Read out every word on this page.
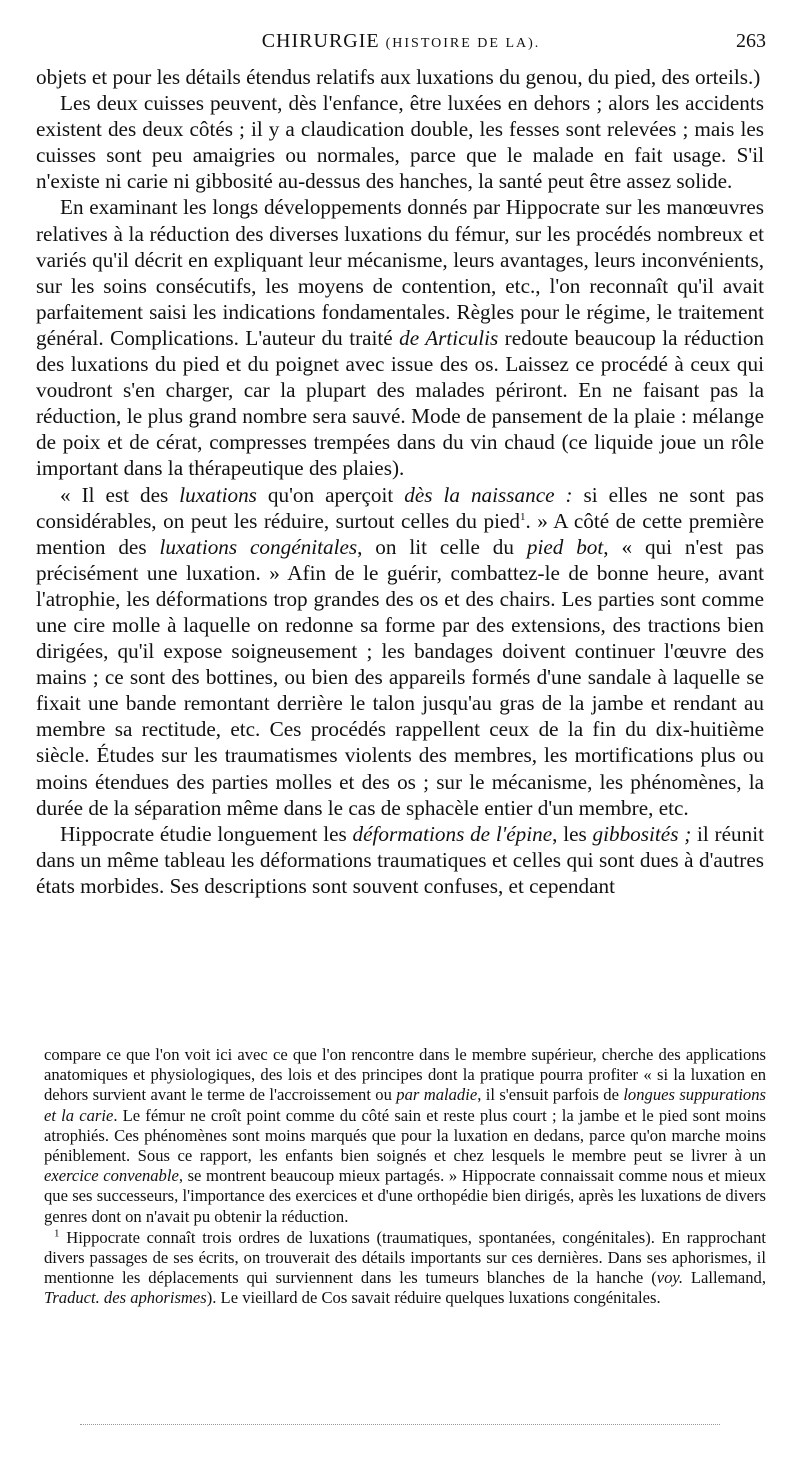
CHIRURGIE (HISTOIRE DE LA).	263

objets et pour les détails étendus relatifs aux luxations du genou, du pied, des orteils.)

Les deux cuisses peuvent, dès l'enfance, être luxées en dehors ; alors les accidents existent des deux côtés ; il y a claudication double, les fesses sont relevées ; mais les cuisses sont peu amaigries ou normales, parce que le malade en fait usage. S'il n'existe ni carie ni gibbosité au-dessus des hanches, la santé peut être assez solide.

En examinant les longs développements donnés par Hippocrate sur les manœuvres relatives à la réduction des diverses luxations du fémur, sur les procédés nombreux et variés qu'il décrit en expliquant leur mécanisme, leurs avantages, leurs inconvénients, sur les soins consécutifs, les moyens de contention, etc., l'on reconnaît qu'il avait parfaitement saisi les indications fondamentales. Règles pour le régime, le traitement général. Complications. L'auteur du traité de Articulis redoute beaucoup la réduction des luxations du pied et du poignet avec issue des os. Laissez ce procédé à ceux qui voudront s'en charger, car la plupart des malades périront. En ne faisant pas la réduction, le plus grand nombre sera sauvé. Mode de pansement de la plaie : mélange de poix et de cérat, compresses trempées dans du vin chaud (ce liquide joue un rôle important dans la thérapeutique des plaies).

« Il est des luxations qu'on aperçoit dès la naissance : si elles ne sont pas considérables, on peut les réduire, surtout celles du pied$^1$. » A côté de cette première mention des luxations congénitales, on lit celle du pied bot, « qui n'est pas précisément une luxation. » Afin de le guérir, combattez-le de bonne heure, avant l'atrophie, les déformations trop grandes des os et des chairs. Les parties sont comme une cire molle à laquelle on redonne sa forme par des extensions, des tractions bien dirigées, qu'il expose soigneusement ; les bandages doivent continuer l'œuvre des mains ; ce sont des bottines, ou bien des appareils formés d'une sandale à laquelle se fixait une bande remontant derrière le talon jusqu'au gras de la jambe et rendant au membre sa rectitude, etc. Ces procédés rappellent ceux de la fin du dix-huitième siècle. Études sur les traumatismes violents des membres, les mortifications plus ou moins étendues des parties molles et des os ; sur le mécanisme, les phénomènes, la durée de la séparation même dans le cas de sphacèle entier d'un membre, etc.

Hippocrate étudie longuement les déformations de l'épine, les gibbosités ; il réunit dans un même tableau les déformations traumatiques et celles qui sont dues à d'autres états morbides. Ses descriptions sont souvent confuses, et cependant

compare ce que l'on voit ici avec ce que l'on rencontre dans le membre supérieur, cherche des applications anatomiques et physiologiques, des lois et des principes dont la pratique pourra profiter « si la luxation en dehors survient avant le terme de l'accroissement ou par maladie, il s'ensuit parfois de longues suppurations et la carie. Le fémur ne croît point comme du côté sain et reste plus court ; la jambe et le pied sont moins atrophiés. Ces phénomènes sont moins marqués que pour la luxation en dedans, parce qu'on marche moins péniblement. Sous ce rapport, les enfants bien soignés et chez lesquels le membre peut se livrer à un exercice convenable, se montrent beaucoup mieux partagés. » Hippocrate connaissait comme nous et mieux que ses successeurs, l'importance des exercices et d'une orthopédie bien dirigés, après les luxations de divers genres dont on n'avait pu obtenir la réduction.

$^1$ Hippocrate connaît trois ordres de luxations (traumatiques, spontanées, congénitales). En rapprochant divers passages de ses écrits, on trouverait des détails importants sur ces dernières. Dans ses aphorismes, il mentionne les déplacements qui surviennent dans les tumeurs blanches de la hanche (voy. Lallemand, Traduct. des aphorismes). Le vieillard de Cos savait réduire quelques luxations congénitales.
